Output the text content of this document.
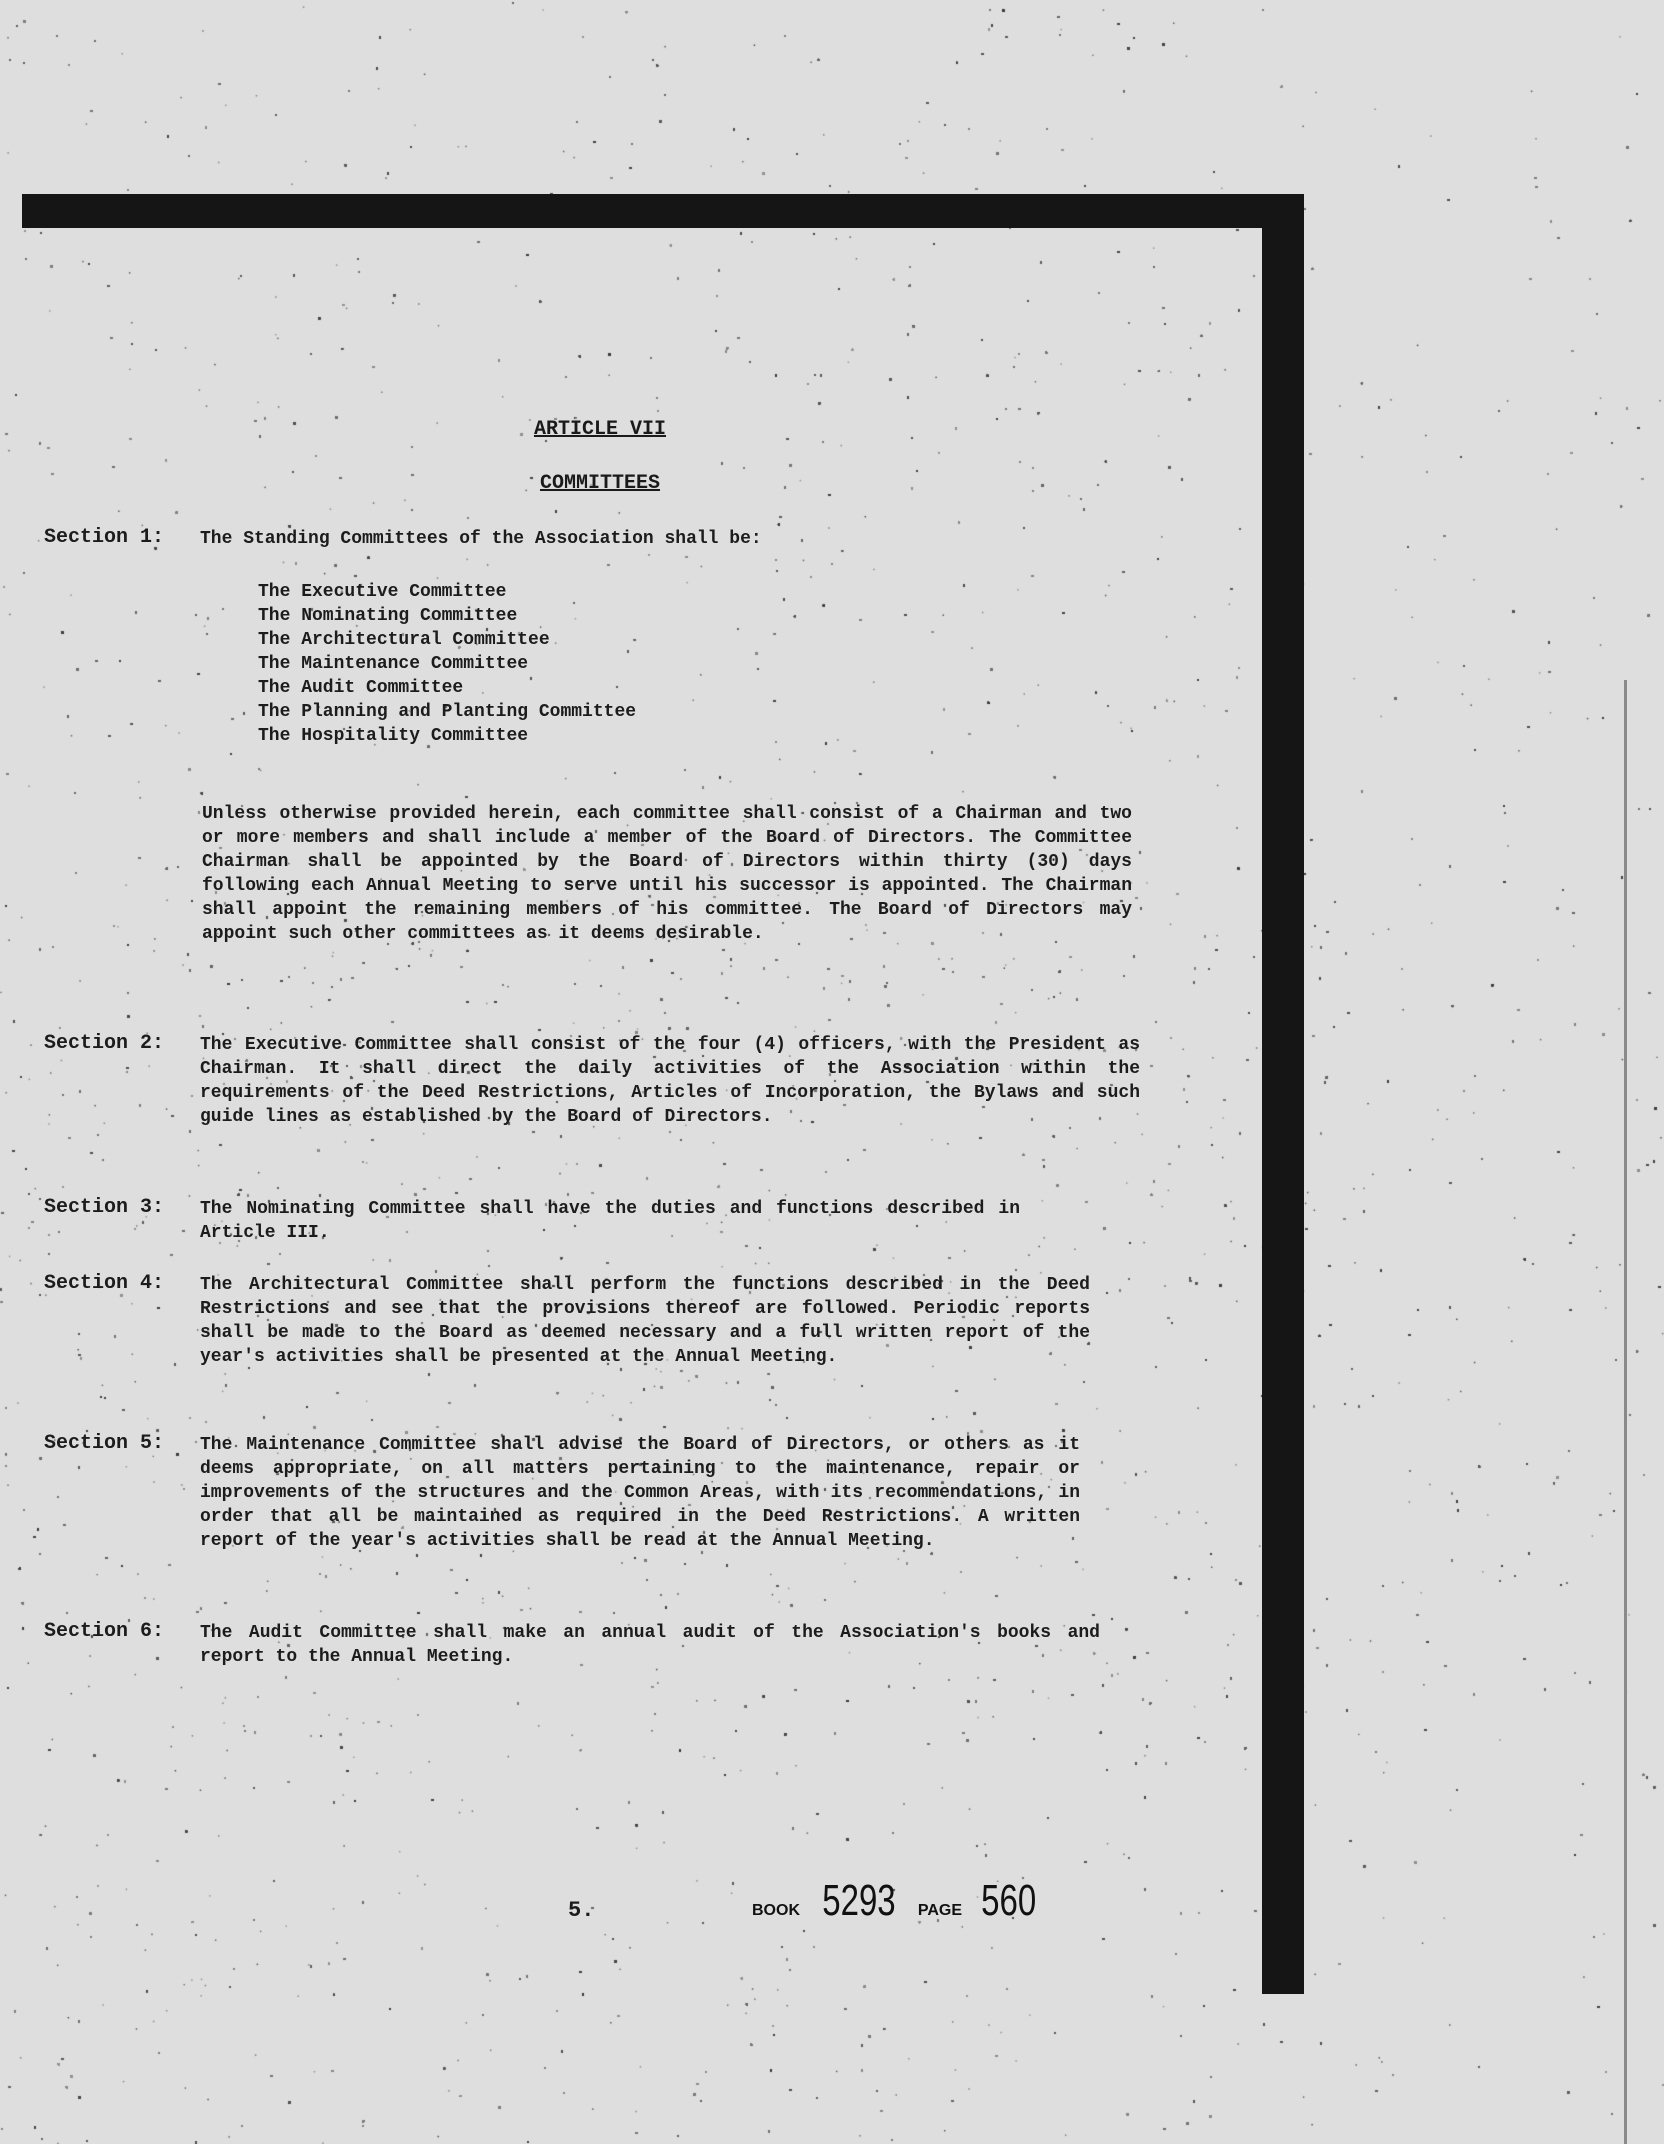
ARTICLE VII
COMMITTEES
Section 1:	The Standing Committees of the Association shall be:
The Executive Committee
The Nominating Committee
The Architectural Committee
The Maintenance Committee
The Audit Committee
The Planning and Planting Committee
The Hospitality Committee
Unless otherwise provided herein, each committee shall consist of a Chairman and two or more members and shall include a member of the Board of Directors. The Committee Chairman shall be appointed by the Board of Directors within thirty (30) days following each Annual Meeting to serve until his successor is appointed. The Chairman shall appoint the remaining members of his committee. The Board of Directors may appoint such other committees as it deems desirable.
Section 2:	The Executive Committee shall consist of the four (4) officers, with the President as Chairman. It shall direct the daily activities of the Association within the requirements of the Deed Restrictions, Articles of Incorporation, the Bylaws and such guide lines as established by the Board of Directors.
Section 3:	The Nominating Committee shall have the duties and functions described in Article III.
Section 4:	The Architectural Committee shall perform the functions described in the Deed Restrictions and see that the provisions thereof are followed. Periodic reports shall be made to the Board as deemed necessary and a full written report of the year's activities shall be presented at the Annual Meeting.
Section 5:	The Maintenance Committee shall advise the Board of Directors, or others as it deems appropriate, on all matters pertaining to the maintenance, repair or improvements of the structures and the Common Areas, with its recommendations, in order that all be maintained as required in the Deed Restrictions. A written report of the year's activities shall be read at the Annual Meeting.
Section 6:	The Audit Committee shall make an annual audit of the Association's books and report to the Annual Meeting.
5.	BOOK 5293 PAGE 560
